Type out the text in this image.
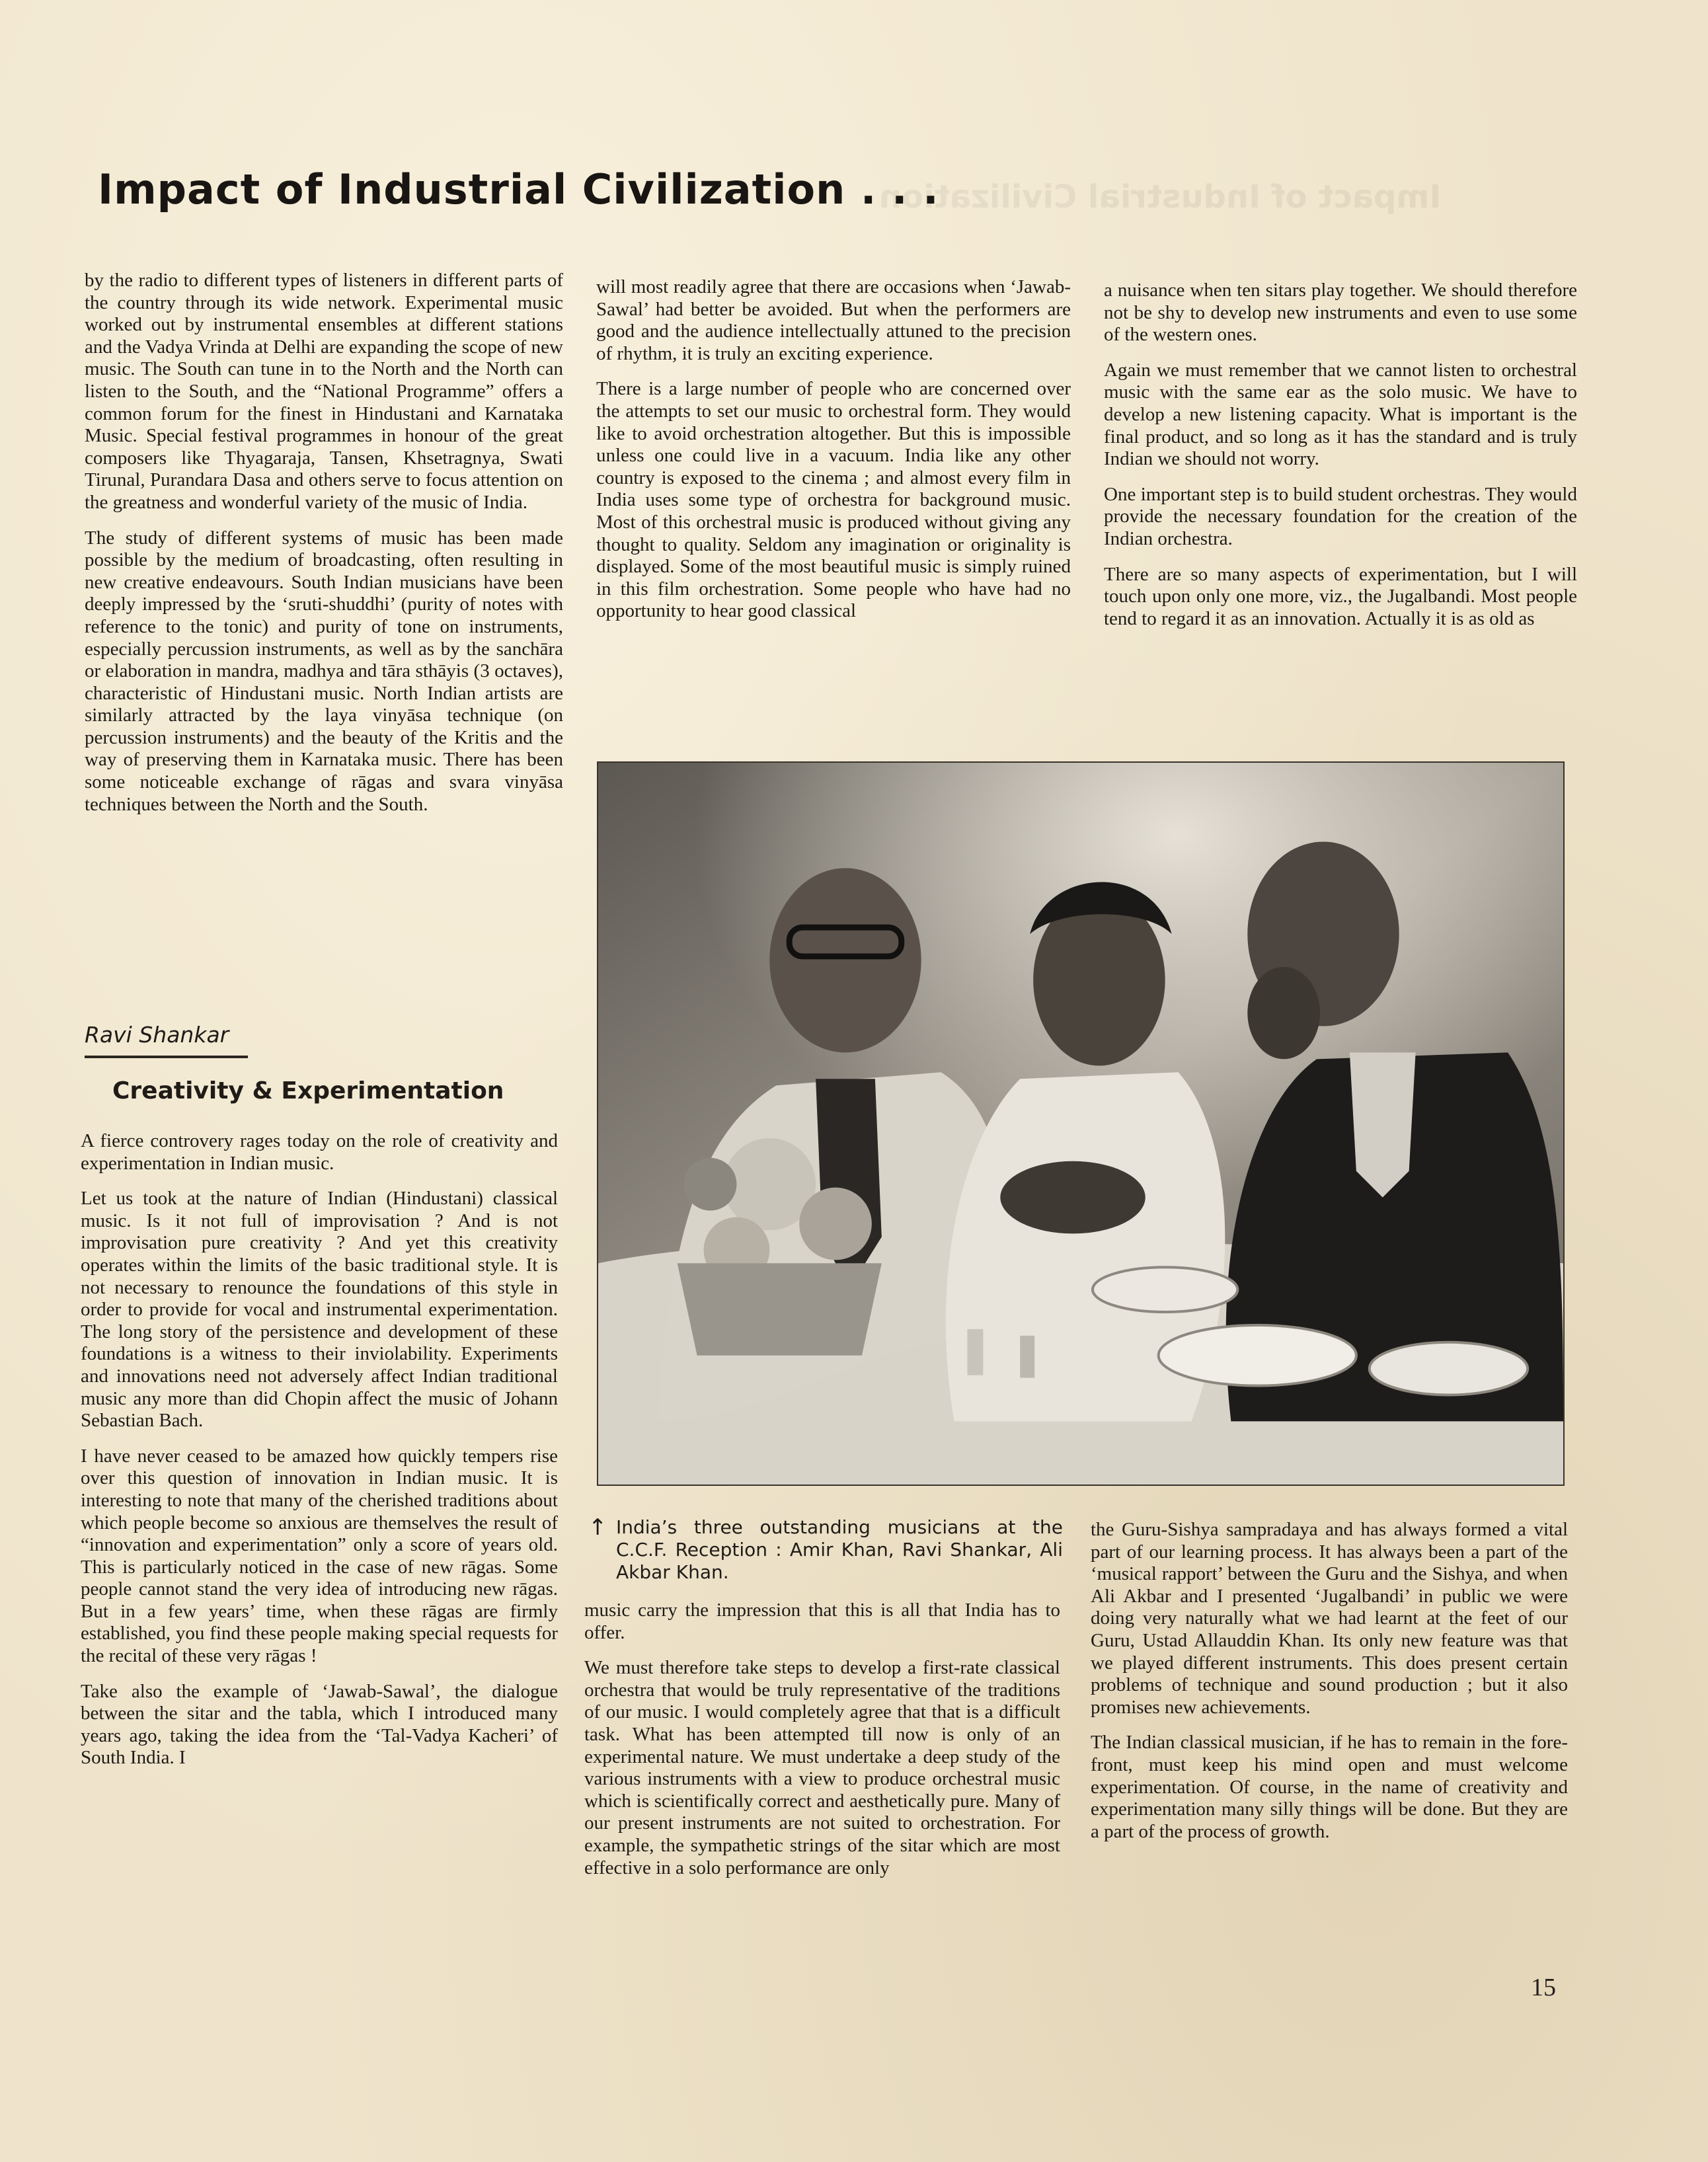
Impact of Industrial Civilization . . .
Impact of Industrial Civilization

by the radio to different types of listeners in different parts of the country through its wide network. Experimental music worked out by instrumental ensembles at different stations and the Vadya Vrinda at Delhi are expanding the scope of new music. The South can tune in to the North and the North can listen to the South, and the “National Programme” offers a common forum for the finest in Hindustani and Karnataka Music. Special festival programmes in honour of the great composers like Thyagaraja, Tansen, Khsetragnya, Swati Tirunal, Purandara Dasa and others serve to focus attention on the greatness and wonderful variety of the music of India.

The study of different systems of music has been made possible by the medium of broadcasting, often resulting in new creative endeavours. South Indian musicians have been deeply impressed by the ‘sruti-shuddhi’ (purity of notes with reference to the tonic) and purity of tone on instruments, especially percussion instruments, as well as by the sanchāra or elaboration in mandra, madhya and tāra sthāyis (3 octaves), characteristic of Hindustani music. North Indian artists are similarly attracted by the laya vinyāsa technique (on percussion instruments) and the beauty of the Kritis and the way of preserving them in Karnataka music. There has been some noticeable exchange of rāgas and svara vinyāsa techniques between the North and the South.

Ravi Shankar
Creativity & Experimentation

A fierce controvery rages today on the role of creativity and experimentation in Indian music.

Let us took at the nature of Indian (Hindustani) classical music. Is it not full of improvisation ? And is not improvisation pure creativity ? And yet this creativity operates within the limits of the basic traditional style. It is not necessary to renounce the foundations of this style in order to provide for vocal and instrumental experimentation. The long story of the persistence and development of these foundations is a witness to their inviolability. Experiments and innovations need not adversely affect Indian traditional music any more than did Chopin affect the music of Johann Sebastian Bach.

I have never ceased to be amazed how quickly tempers rise over this question of innovation in Indian music. It is interesting to note that many of the cherished traditions about which people become so anxious are themselves the result of “innovation and experimentation” only a score of years old. This is particularly noticed in the case of new rāgas. Some people cannot stand the very idea of introducing new rāgas. But in a few years’ time, when these rāgas are firmly established, you find these people making special requests for the recital of these very rāgas !

Take also the example of ‘Jawab-Sawal’, the dialogue between the sitar and the tabla, which I introduced many years ago, taking the idea from the ‘Tal-Vadya Kacheri’ of South India. I

will most readily agree that there are occasions when ‘Jawab-Sawal’ had better be avoided. But when the performers are good and the audience intellectually attuned to the precision of rhythm, it is truly an exciting experience.

There is a large number of people who are concerned over the attempts to set our music to orchestral form. They would like to avoid orchestration altogether. But this is impossible unless one could live in a vacuum. India like any other country is exposed to the cinema ; and almost every film in India uses some type of orchestra for background music. Most of this orchestral music is produced without giving any thought to quality. Seldom any imagination or originality is displayed. Some of the most beautiful music is simply ruined in this film orchestration. Some people who have had no opportunity to hear good classical

a nuisance when ten sitars play together. We should therefore not be shy to develop new instruments and even to use some of the western ones.

Again we must remember that we cannot listen to orchestral music with the same ear as the solo music. We have to develop a new listening capacity. What is important is the final product, and so long as it has the standard and is truly Indian we should not worry.

One important step is to build student orchestras. They would provide the necessary foundation for the creation of the Indian orchestra.

There are so many aspects of experimentation, but I will touch upon only one more, viz., the Jugalbandi. Most people tend to regard it as an innovation. Actually it is as old as

↑ India’s three outstanding musicians at the C.C.F. Reception : Amir Khan, Ravi Shankar, Ali Akbar Khan.

music carry the impression that this is all that India has to offer.

We must therefore take steps to develop a first-rate classical orchestra that would be truly representative of the traditions of our music. I would completely agree that that is a difficult task. What has been attempted till now is only of an experimental nature. We must undertake a deep study of the various instruments with a view to produce orchestral music which is scientifically correct and aesthetically pure. Many of our present instruments are not suited to orchestration. For example, the sympathetic strings of the sitar which are most effective in a solo performance are only

the Guru-Sishya sampradaya and has always formed a vital part of our learning process. It has always been a part of the ‘musical rapport’ between the Guru and the Sishya, and when Ali Akbar and I presented ‘Jugalbandi’ in public we were doing very naturally what we had learnt at the feet of our Guru, Ustad Allauddin Khan. Its only new feature was that we played different instruments. This does present certain problems of technique and sound production ; but it also promises new achievements.

The Indian classical musician, if he has to remain in the fore-front, must keep his mind open and must welcome experimentation. Of course, in the name of creativity and experimentation many silly things will be done. But they are a part of the process of growth.

15
